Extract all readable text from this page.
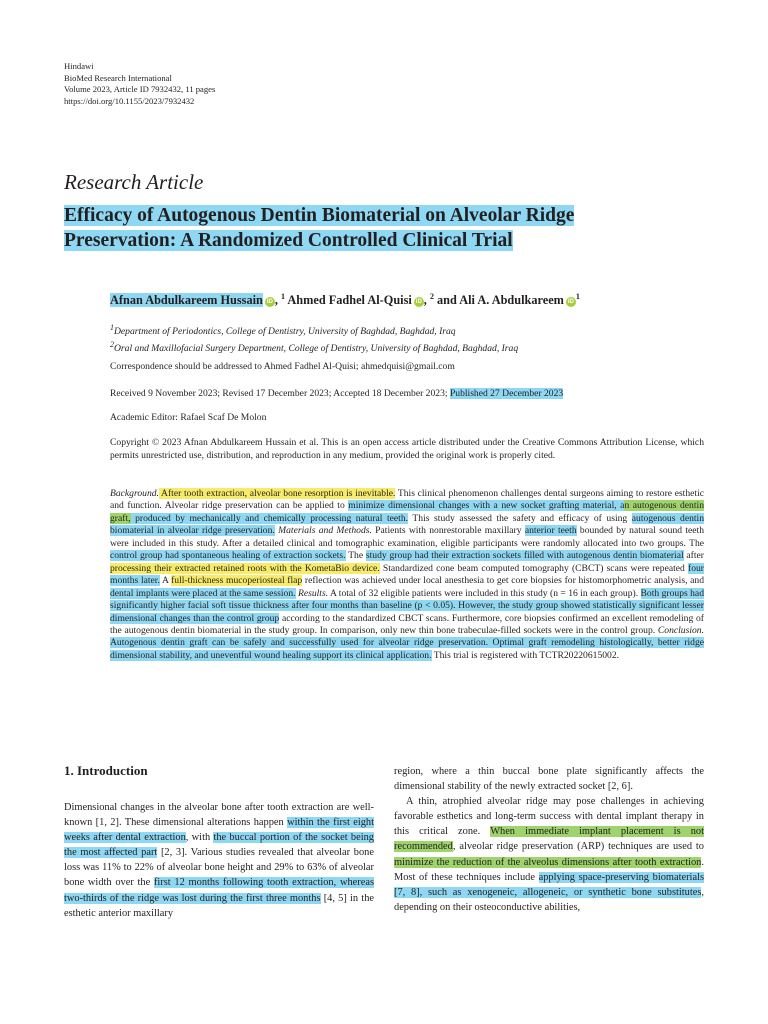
Hindawi
BioMed Research International
Volume 2023, Article ID 7932432, 11 pages
https://doi.org/10.1155/2023/7932432
Research Article
Efficacy of Autogenous Dentin Biomaterial on Alveolar Ridge
Preservation: A Randomized Controlled Clinical Trial
Afnan Abdulkareem Hussain iD , $^1$ Ahmed Fadhel Al-Quisi iD , $^2$ and Ali A. Abdulkareem $iD^1$
$^1$Department of Periodontics, College of Dentistry, University of Baghdad, Baghdad, Iraq
$^2$Oral and Maxillofacial Surgery Department, College of Dentistry, University of Baghdad, Baghdad, Iraq
Correspondence should be addressed to Ahmed Fadhel Al-Quisi; ahmedquisi@gmail.com
Received 9 November 2023; Revised 17 December 2023; Accepted 18 December 2023; Published 27 December 2023
Academic Editor: Rafael Scaf De Molon
Copyright © 2023 Afnan Abdulkareem Hussain et al. This is an open access article distributed under the Creative Commons Attribution License, which permits unrestricted use, distribution, and reproduction in any medium, provided the original work is properly cited.
Background. After tooth extraction, alveolar bone resorption is inevitable. This clinical phenomenon challenges dental surgeons aiming to restore esthetic and function. Alveolar ridge preservation can be applied to minimize dimensional changes with a new socket grafting material, an autogenous dentin graft, produced by mechanically and chemically processing natural teeth. This study assessed the safety and efficacy of using autogenous dentin biomaterial in alveolar ridge preservation. Materials and Methods. Patients with nonrestorable maxillary anterior teeth bounded by natural sound teeth were included in this study. After a detailed clinical and tomographic examination, eligible participants were randomly allocated into two groups. The control group had spontaneous healing of extraction sockets. The study group had their extraction sockets filled with autogenous dentin biomaterial after processing their extracted retained roots with the KometaBio device. Standardized cone beam computed tomography (CBCT) scans were repeated four months later. A full-thickness mucoperiosteal flap reflection was achieved under local anesthesia to get core biopsies for histomorphometric analysis, and dental implants were placed at the same session. Results. A total of 32 eligible patients were included in this study (n = 16 in each group). Both groups had significantly higher facial soft tissue thickness after four months than baseline (p < 0.05). However, the study group showed statistically significant lesser dimensional changes than the control group according to the standardized CBCT scans. Furthermore, core biopsies confirmed an excellent remodeling of the autogenous dentin biomaterial in the study group. In comparison, only new thin bone trabeculae-filled sockets were in the control group. Conclusion. Autogenous dentin graft can be safely and successfully used for alveolar ridge preservation. Optimal graft remodeling histologically, better ridge dimensional stability, and uneventful wound healing support its clinical application. This trial is registered with TCTR20220615002.
1. Introduction

Dimensional changes in the alveolar bone after tooth extraction are well-known [1, 2]. These dimensional alterations happen within the first eight weeks after dental extraction, with the buccal portion of the socket being the most affected part [2, 3]. Various studies revealed that alveolar bone loss was 11% to 22% of alveolar bone height and 29% to 63% of alveolar bone width over the first 12 months following tooth extraction, whereas two-thirds of the ridge was lost during the first three months [4, 5] in the esthetic anterior maxillary

region, where a thin buccal bone plate significantly affects the dimensional stability of the newly extracted socket [2, 6].

A thin, atrophied alveolar ridge may pose challenges in achieving favorable esthetics and long-term success with dental implant therapy in this critical zone. When immediate implant placement is not recommended, alveolar ridge preservation (ARP) techniques are used to minimize the reduction of the alveolus dimensions after tooth extraction. Most of these techniques include applying space-preserving biomaterials [7, 8], such as xenogeneic, allogeneic, or synthetic bone substitutes, depending on their osteoconductive abilities,
